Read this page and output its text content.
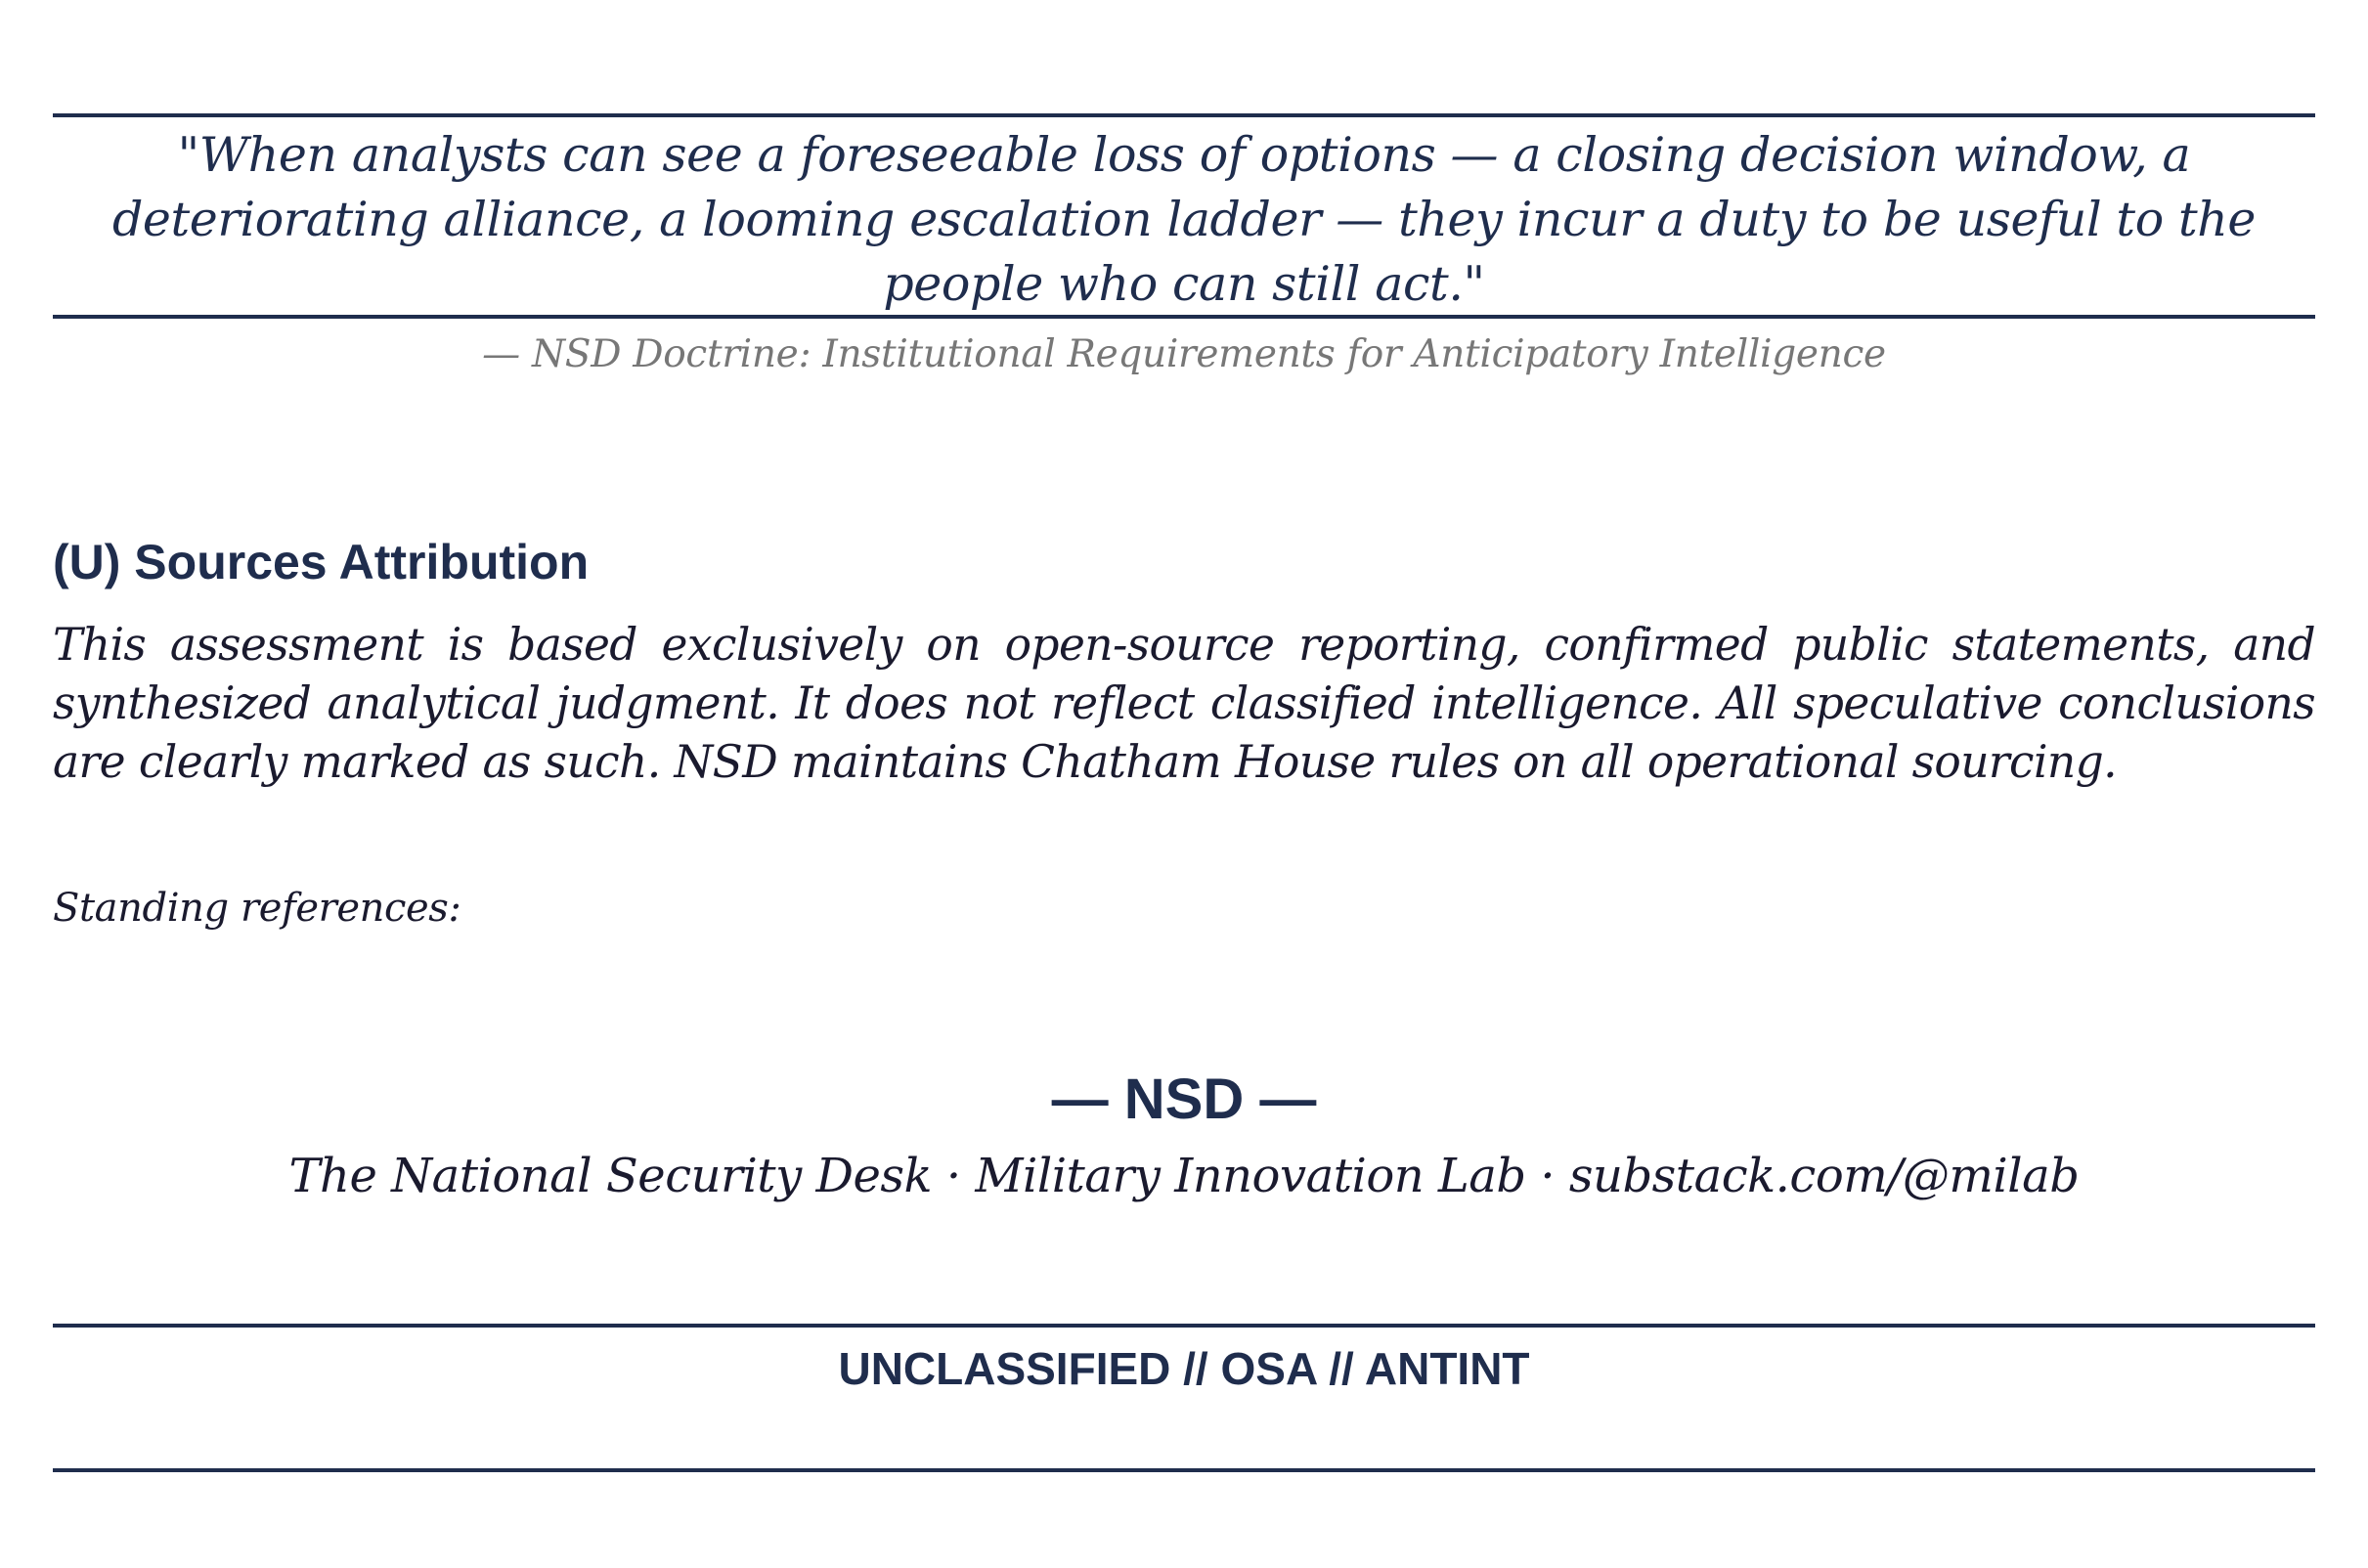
"When analysts can see a foreseeable loss of options — a closing decision window, a deteriorating alliance, a looming escalation ladder — they incur a duty to be useful to the people who can still act."

— NSD Doctrine: Institutional Requirements for Anticipatory Intelligence
(U) Sources Attribution

This assessment is based exclusively on open-source reporting, confirmed public statements, and synthesized analytical judgment. It does not reflect classified intelligence. All speculative conclusions are clearly marked as such. NSD maintains Chatham House rules on all operational sourcing.

Standing references:

— NSD —
The National Security Desk · Military Innovation Lab · substack.com/@milab
UNCLASSIFIED // OSA // ANTINT
